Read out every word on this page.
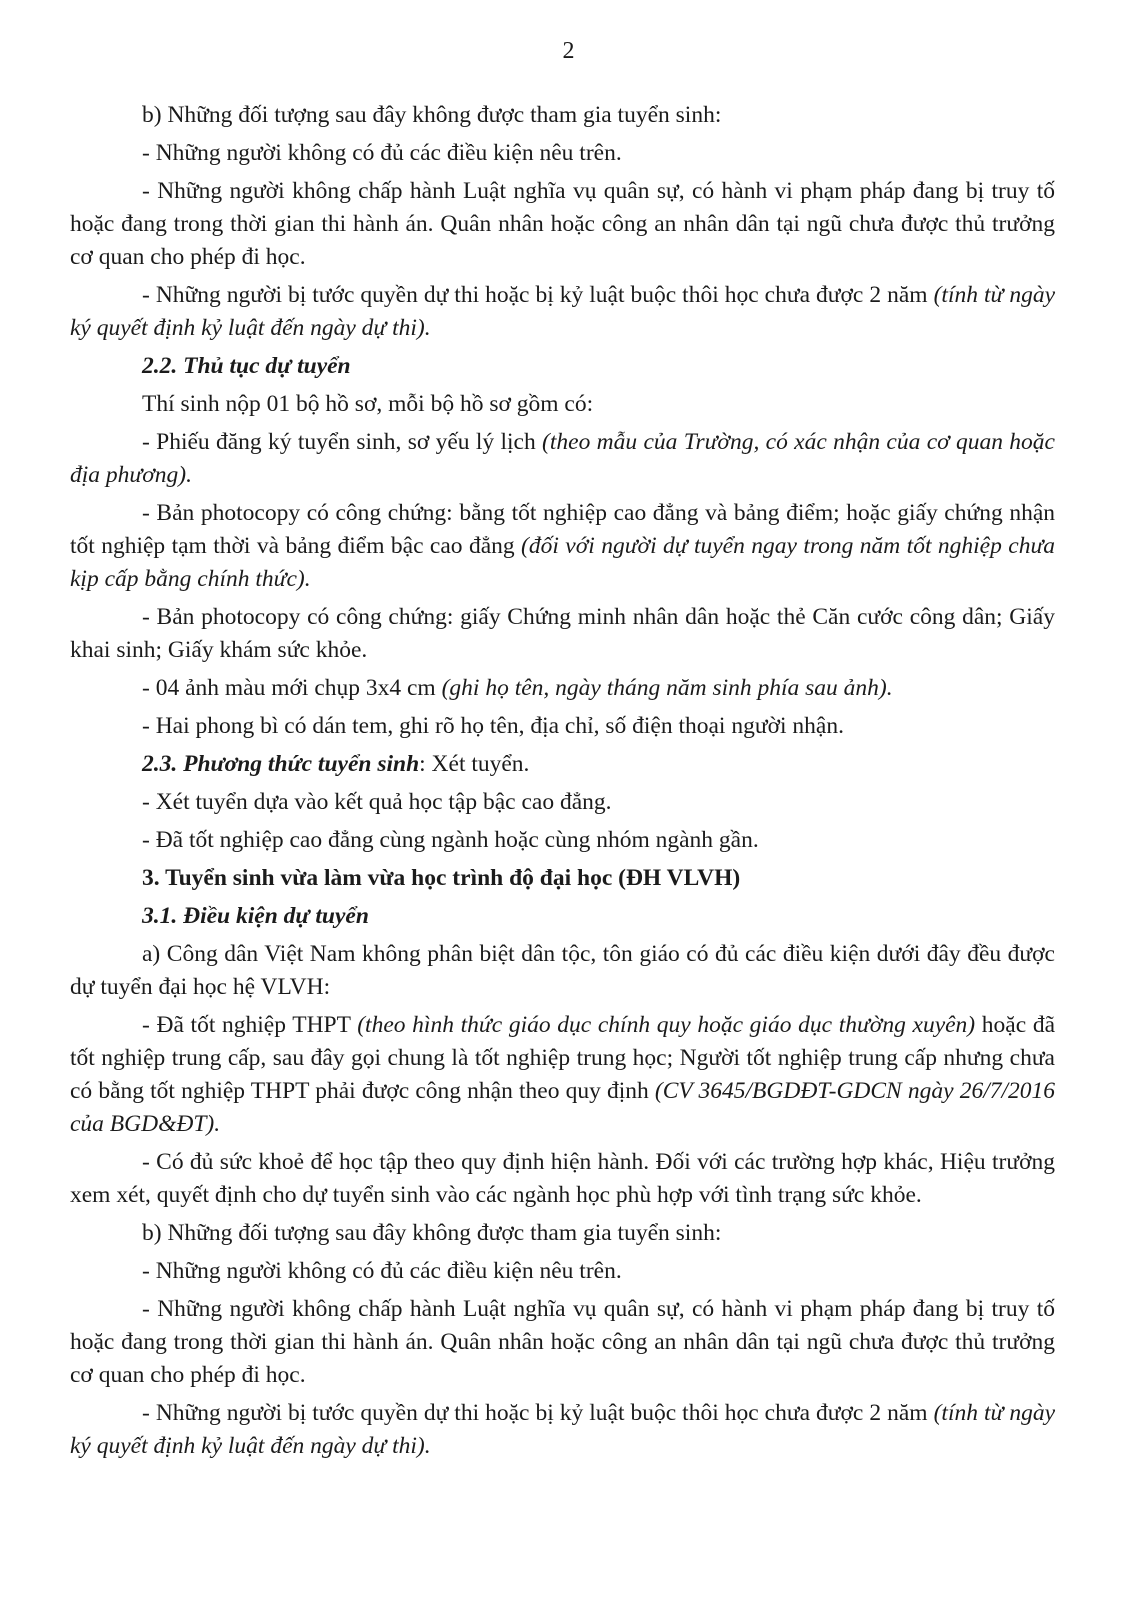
2

b) Những đối tượng sau đây không được tham gia tuyển sinh:

- Những người không có đủ các điều kiện nêu trên.

- Những người không chấp hành Luật nghĩa vụ quân sự, có hành vi phạm pháp đang bị truy tố hoặc đang trong thời gian thi hành án. Quân nhân hoặc công an nhân dân tại ngũ chưa được thủ trưởng cơ quan cho phép đi học.

- Những người bị tước quyền dự thi hoặc bị kỷ luật buộc thôi học chưa được 2 năm (tính từ ngày ký quyết định kỷ luật đến ngày dự thi).

2.2. Thủ tục dự tuyển

Thí sinh nộp 01 bộ hồ sơ, mỗi bộ hồ sơ gồm có:

- Phiếu đăng ký tuyển sinh, sơ yếu lý lịch (theo mẫu của Trường, có xác nhận của cơ quan hoặc địa phương).

- Bản photocopy có công chứng: bằng tốt nghiệp cao đẳng và bảng điểm; hoặc giấy chứng nhận tốt nghiệp tạm thời và bảng điểm bậc cao đẳng (đối với người dự tuyển ngay trong năm tốt nghiệp chưa kịp cấp bằng chính thức).

- Bản photocopy có công chứng: giấy Chứng minh nhân dân hoặc thẻ Căn cước công dân; Giấy khai sinh; Giấy khám sức khỏe.

- 04 ảnh màu mới chụp 3x4 cm (ghi họ tên, ngày tháng năm sinh phía sau ảnh).

- Hai phong bì có dán tem, ghi rõ họ tên, địa chỉ, số điện thoại người nhận.

2.3. Phương thức tuyển sinh: Xét tuyển.

- Xét tuyển dựa vào kết quả học tập bậc cao đẳng.

- Đã tốt nghiệp cao đẳng cùng ngành hoặc cùng nhóm ngành gần.

3. Tuyển sinh vừa làm vừa học trình độ đại học (ĐH VLVH)

3.1. Điều kiện dự tuyển

a) Công dân Việt Nam không phân biệt dân tộc, tôn giáo có đủ các điều kiện dưới đây đều được dự tuyển đại học hệ VLVH:

- Đã tốt nghiệp THPT (theo hình thức giáo dục chính quy hoặc giáo dục thường xuyên) hoặc đã tốt nghiệp trung cấp, sau đây gọi chung là tốt nghiệp trung học; Người tốt nghiệp trung cấp nhưng chưa có bằng tốt nghiệp THPT phải được công nhận theo quy định (CV 3645/BGDĐT-GDCN ngày 26/7/2016 của BGD&ĐT).

- Có đủ sức khoẻ để học tập theo quy định hiện hành. Đối với các trường hợp khác, Hiệu trưởng xem xét, quyết định cho dự tuyển sinh vào các ngành học phù hợp với tình trạng sức khỏe.

b) Những đối tượng sau đây không được tham gia tuyển sinh:

- Những người không có đủ các điều kiện nêu trên.

- Những người không chấp hành Luật nghĩa vụ quân sự, có hành vi phạm pháp đang bị truy tố hoặc đang trong thời gian thi hành án. Quân nhân hoặc công an nhân dân tại ngũ chưa được thủ trưởng cơ quan cho phép đi học.

- Những người bị tước quyền dự thi hoặc bị kỷ luật buộc thôi học chưa được 2 năm (tính từ ngày ký quyết định kỷ luật đến ngày dự thi).
